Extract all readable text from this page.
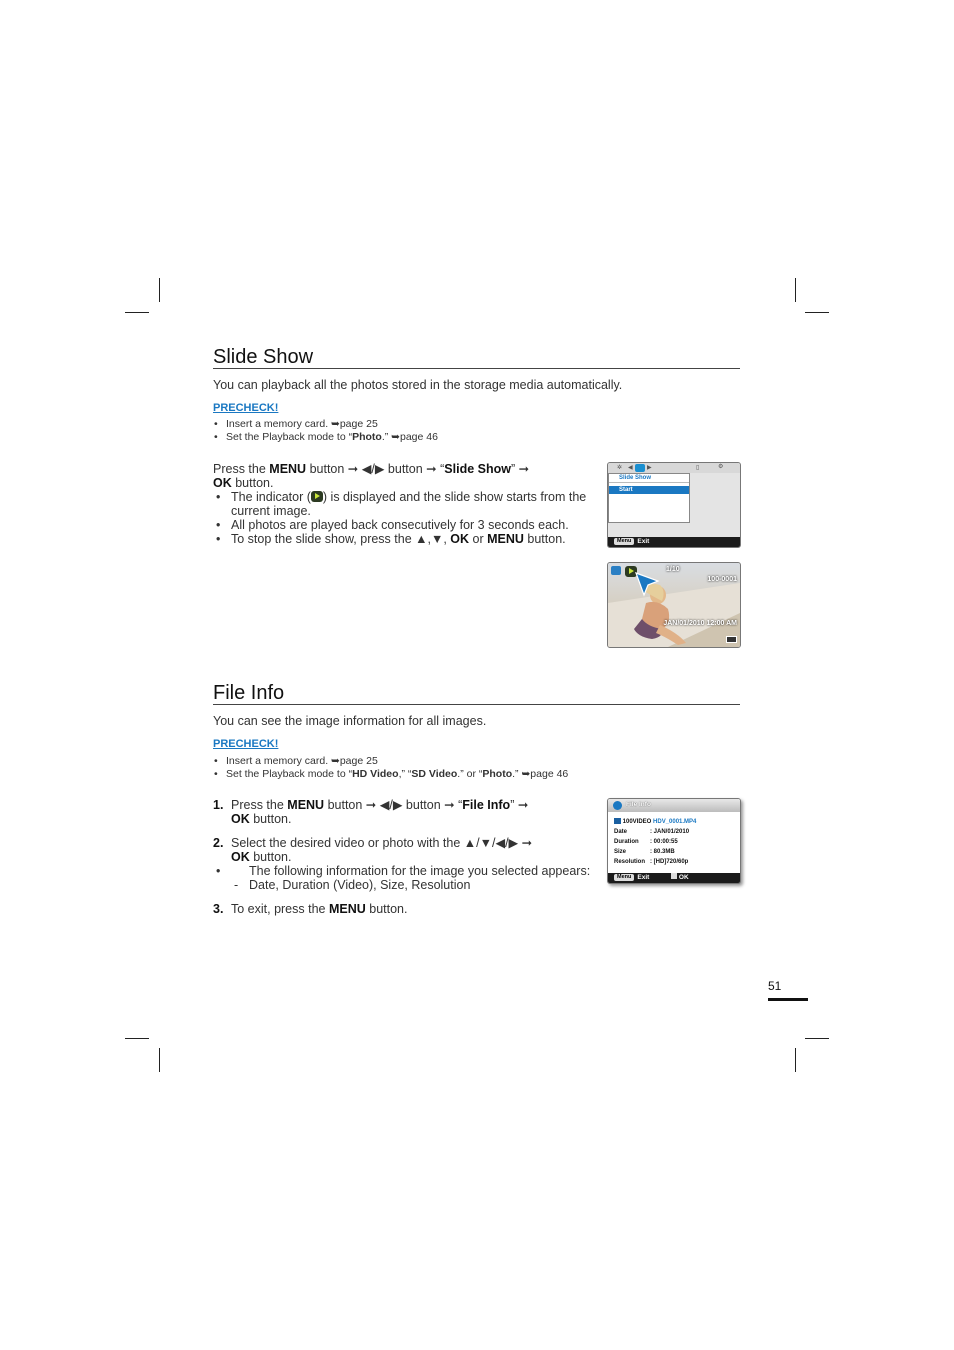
Slide Show
You can playback all the photos stored in the storage media automatically.
PRECHECK!
• Insert a memory card. ➥page 25
• Set the Playback mode to “Photo.” ➥page 46
Press the MENU button ➞ ◀/▶ button ➞ “Slide Show” ➞
OK button.
• The indicator ( ) is displayed and the slide show starts from the current image.
• All photos are played back consecutively for 3 seconds each.
• To stop the slide show, press the ▲,▼, OK or MENU button.
✲ ◀ ▶	▯	⚙
Slide Show
Start
Menu Exit
1/10
100-0001
JAN/01/2010 12:00 AM
File Info
You can see the image information for all images.
PRECHECK!
• Insert a memory card. ➥page 25
• Set the Playback mode to “HD Video,” “SD Video.” or “Photo.” ➥page 46
1. Press the MENU button ➞ ◀/▶ button ➞ “File Info” ➞
OK button.
2. Select the desired video or photo with the ▲/▼/◀/▶ ➞
OK button.
• The following information for the image you selected appears:
- Date, Duration (Video), Size, Resolution
3. To exit, press the MENU button.
File Info
100VIDEO HDV_0001.MP4
Date	: JAN/01/2010
Duration : 00:00:55
Size	: 80.3MB
Resolution : [HD]720/60p
Menu Exit	OK
51
